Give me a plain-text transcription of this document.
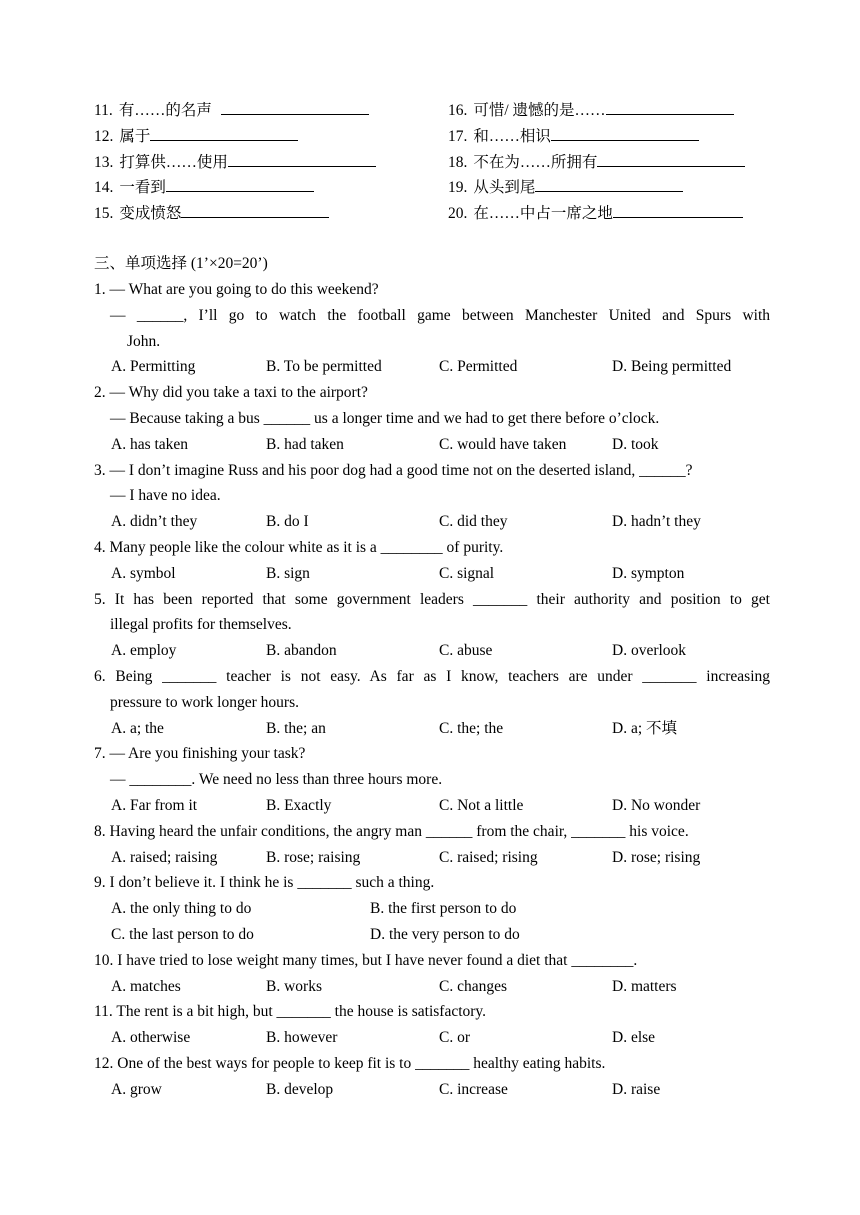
11. 有……的名声	16. 可惜/ 遗憾的是……
12. 属于	17. 和……相识
13. 打算供……使用	18. 不在为……所拥有
14. 一看到	19. 从头到尾
15. 变成愤怒	20. 在……中占一席之地
三、单项选择 (1’×20=20’)
1. — What are you going to do this weekend?
— ______, I’ll go to watch the football game between Manchester United and Spurs with
John.
A. Permitting	B. To be permitted	C. Permitted	D. Being permitted
2. — Why did you take a taxi to the airport?
— Because taking a bus ______ us a longer time and we had to get there before o’clock.
A. has taken	B. had taken	C. would have taken	D. took
3. — I don’t imagine Russ and his poor dog had a good time not on the deserted island, ______?
— I have no idea.
A. didn’t they	B. do I	C. did they	D. hadn’t they
4. Many people like the colour white as it is a ________ of purity.
A. symbol	B. sign	C. signal	D. sympton
5. It has been reported that some government leaders _______ their authority and position to get
illegal profits for themselves.
A. employ	B. abandon	C. abuse	D. overlook
6. Being _______ teacher is not easy. As far as I know, teachers are under _______ increasing
pressure to work longer hours.
A. a; the	B. the; an	C. the; the	D. a; 不填
7. — Are you finishing your task?
— ________. We need no less than three hours more.
A. Far from it	B. Exactly	C. Not a little	D. No wonder
8. Having heard the unfair conditions, the angry man ______ from the chair, _______ his voice.
A. raised; raising	B. rose; raising	C. raised; rising	D. rose; rising
9. I don’t believe it. I think he is _______ such a thing.
A. the only thing to do	B. the first person to do
C. the last person to do	D. the very person to do
10. I have tried to lose weight many times, but I have never found a diet that ________.
A. matches	B. works	C. changes	D. matters
11. The rent is a bit high, but _______ the house is satisfactory.
A. otherwise	B. however	C. or	D. else
12. One of the best ways for people to keep fit is to _______ healthy eating habits.
A. grow	B. develop	C. increase	D. raise
